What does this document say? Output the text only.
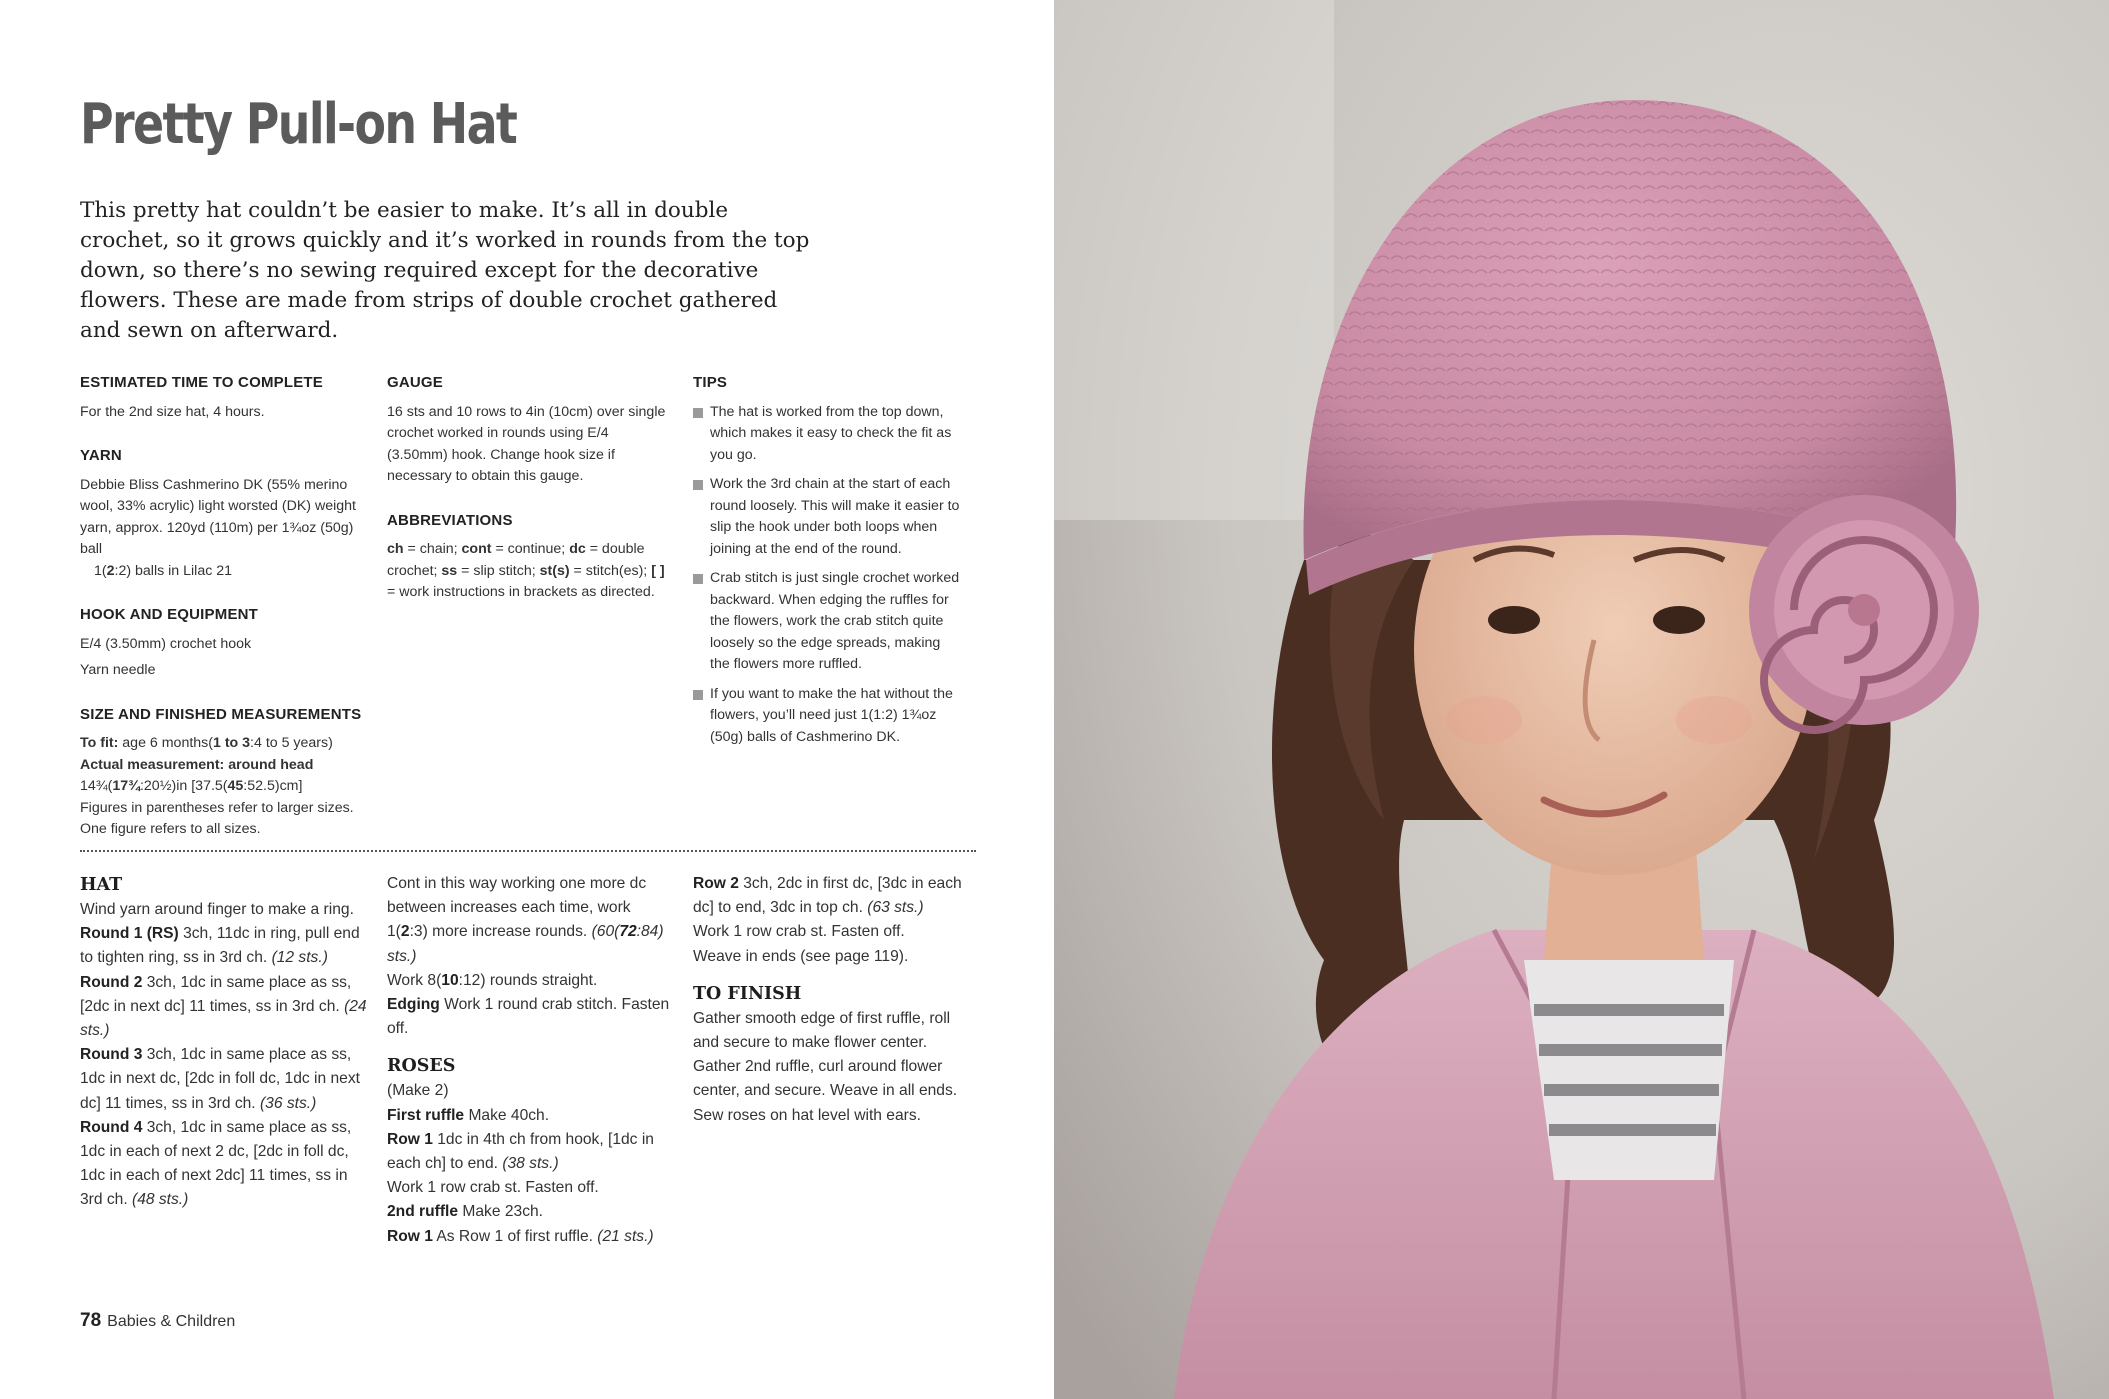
Pretty Pull-on Hat

This pretty hat couldn’t be easier to make. It’s all in double crochet, so it grows quickly and it’s worked in rounds from the top down, so there’s no sewing required except for the decorative flowers. These are made from strips of double crochet gathered and sewn on afterward.

ESTIMATED TIME TO COMPLETE

For the 2nd size hat, 4 hours.

YARN

Debbie Bliss Cashmerino DK (55% merino wool, 33% acrylic) light worsted (DK) weight yarn, approx. 120yd (110m) per 1¾oz (50g) ball
1(2:2) balls in Lilac 21

HOOK AND EQUIPMENT

E/4 (3.50mm) crochet hook

Yarn needle

SIZE AND FINISHED MEASUREMENTS

To fit: age 6 months(1 to 3:4 to 5 years)

Actual measurement: around head

14¾(17¾:20½)in [37.5(45:52.5)cm]

Figures in parentheses refer to larger sizes.

One figure refers to all sizes.

GAUGE

16 sts and 10 rows to 4in (10cm) over single crochet worked in rounds using E/4 (3.50mm) hook. Change hook size if necessary to obtain this gauge.

ABBREVIATIONS

ch = chain; cont = continue; dc = double crochet; ss = slip stitch; st(s) = stitch(es); [ ] = work instructions in brackets as directed.

TIPS
The hat is worked from the top down, which makes it easy to check the fit as you go.
Work the 3rd chain at the start of each round loosely. This will make it easier to slip the hook under both loops when joining at the end of the round.
Crab stitch is just single crochet worked backward. When edging the ruffles for the flowers, work the crab stitch quite loosely so the edge spreads, making the flowers more ruffled.
If you want to make the hat without the flowers, you’ll need just 1(1:2) 1¾oz (50g) balls of Cashmerino DK.
HAT

Wind yarn around finger to make a ring.

Round 1 (RS) 3ch, 11dc in ring, pull end to tighten ring, ss in 3rd ch. (12 sts.)

Round 2 3ch, 1dc in same place as ss, [2dc in next dc] 11 times, ss in 3rd ch. (24 sts.)

Round 3 3ch, 1dc in same place as ss, 1dc in next dc, [2dc in foll dc, 1dc in next dc] 11 times, ss in 3rd ch. (36 sts.)

Round 4 3ch, 1dc in same place as ss, 1dc in each of next 2 dc, [2dc in foll dc, 1dc in each of next 2dc] 11 times, ss in 3rd ch. (48 sts.)

Cont in this way working one more dc between increases each time, work 1(2:3) more increase rounds. (60(72:84) sts.)

Work 8(10:12) rounds straight.

Edging Work 1 round crab stitch. Fasten off.

ROSES

(Make 2)

First ruffle Make 40ch.

Row 1 1dc in 4th ch from hook, [1dc in each ch] to end. (38 sts.)

Work 1 row crab st. Fasten off.

2nd ruffle Make 23ch.

Row 1 As Row 1 of first ruffle. (21 sts.)

Row 2 3ch, 2dc in first dc, [3dc in each dc] to end, 3dc in top ch. (63 sts.)

Work 1 row crab st. Fasten off.

Weave in ends (see page 119).

TO FINISH

Gather smooth edge of first ruffle, roll and secure to make flower center. Gather 2nd ruffle, curl around flower center, and secure. Weave in all ends. Sew roses on hat level with ears.

78 Babies & Children
